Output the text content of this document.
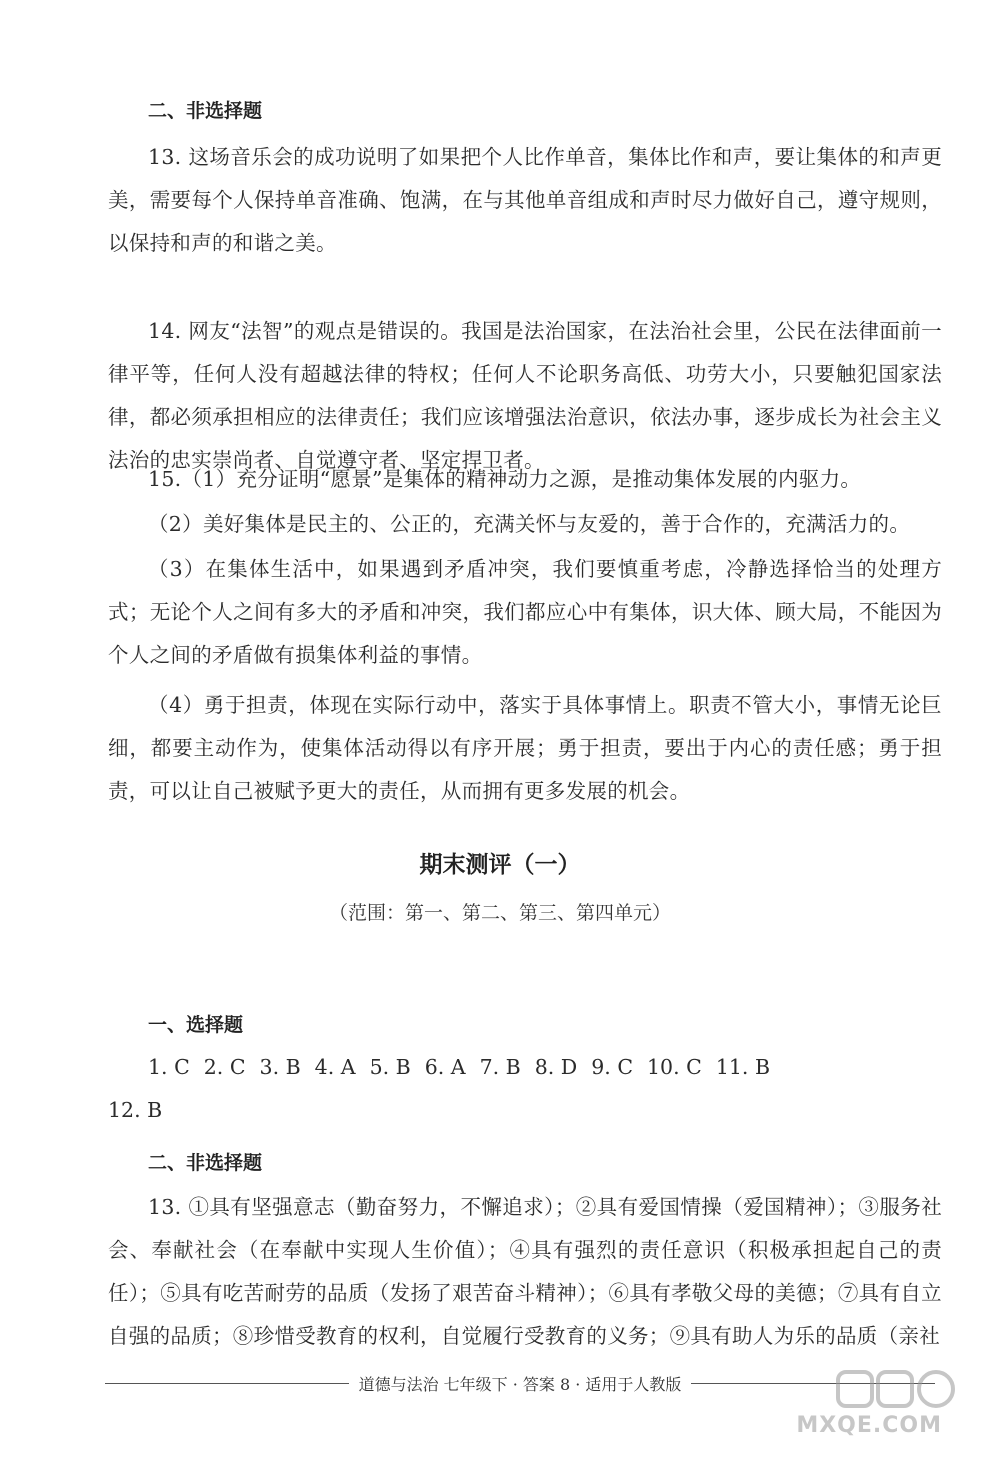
二、非选择题
13. 这场音乐会的成功说明了如果把个人比作单音，集体比作和声，要让集体的和声更美，需要每个人保持单音准确、饱满，在与其他单音组成和声时尽力做好自己，遵守规则，以保持和声的和谐之美。
14. 网友“法智”的观点是错误的。我国是法治国家，在法治社会里，公民在法律面前一律平等，任何人没有超越法律的特权；任何人不论职务高低、功劳大小，只要触犯国家法律，都必须承担相应的法律责任；我们应该增强法治意识，依法办事，逐步成长为社会主义法治的忠实崇尚者、自觉遵守者、坚定捍卫者。
15.（1）充分证明“愿景”是集体的精神动力之源，是推动集体发展的内驱力。
（2）美好集体是民主的、公正的，充满关怀与友爱的，善于合作的，充满活力的。
（3）在集体生活中，如果遇到矛盾冲突，我们要慎重考虑，冷静选择恰当的处理方式；无论个人之间有多大的矛盾和冲突，我们都应心中有集体，识大体、顾大局，不能因为个人之间的矛盾做有损集体利益的事情。
（4）勇于担责，体现在实际行动中，落实于具体事情上。职责不管大小，事情无论巨细，都要主动作为，使集体活动得以有序开展；勇于担责，要出于内心的责任感；勇于担责，可以让自己被赋予更大的责任，从而拥有更多发展的机会。
期末测评（一）
（范围：第一、第二、第三、第四单元）
一、选择题
1. C 2. C 3. B 4. A 5. B 6. A 7. B 8. D 9. C 10. C 11. B
12. B
二、非选择题
13. ①具有坚强意志（勤奋努力，不懈追求）；②具有爱国情操（爱国精神）；③服务社会、奉献社会（在奉献中实现人生价值）；④具有强烈的责任意识（积极承担起自己的责任）；⑤具有吃苦耐劳的品质（发扬了艰苦奋斗精神）；⑥具有孝敬父母的美德；⑦具有自立自强的品质；⑧珍惜受教育的权利，自觉履行受教育的义务；⑨具有助人为乐的品质（亲社
道德与法治 七年级下 · 答案 8 · 适用于人教版
MXQE.COM
